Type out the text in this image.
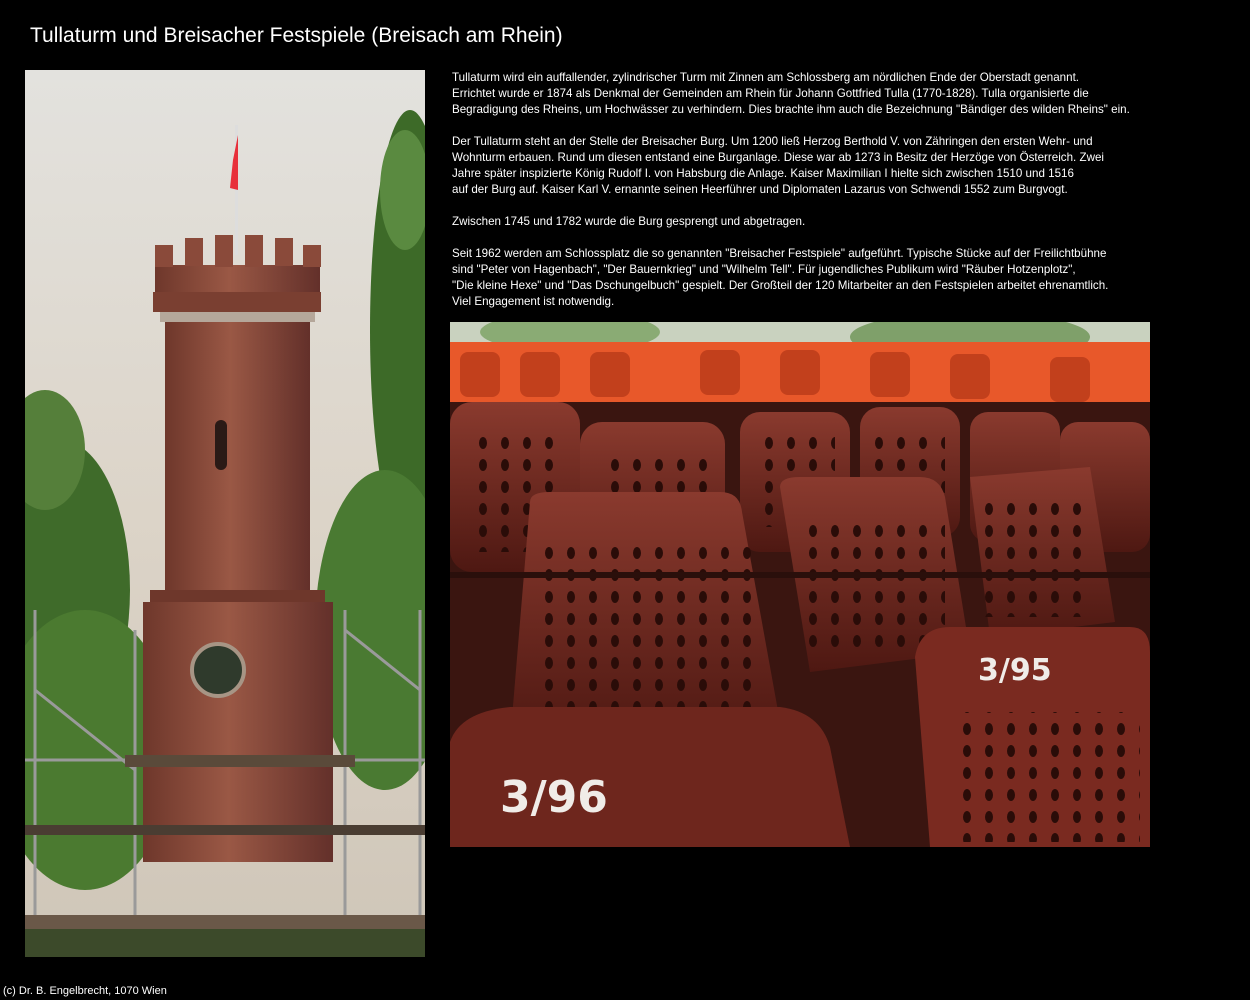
Tullaturm und Breisacher Festspiele (Breisach am Rhein)

Tullaturm wird ein auffallender, zylindrischer Turm mit Zinnen am Schlossberg am nördlichen Ende der Oberstadt genannt.
Errichtet wurde er 1874 als Denkmal der Gemeinden am Rhein für Johann Gottfried Tulla (1770-1828). Tulla organisierte die
Begradigung des Rheins, um Hochwässer zu verhindern. Dies brachte ihm auch die Bezeichnung "Bändiger des wilden Rheins" ein.

Der Tullaturm steht an der Stelle der Breisacher Burg. Um 1200 ließ Herzog Berthold V. von Zähringen den ersten Wehr- und
Wohnturm erbauen. Rund um diesen entstand eine Burganlage. Diese war ab 1273 in Besitz der Herzöge von Österreich. Zwei
Jahre später inspizierte König Rudolf I. von Habsburg die Anlage. Kaiser Maximilian I hielte sich zwischen 1510 und 1516
auf der Burg auf. Kaiser Karl V. ernannte seinen Heerführer und Diplomaten Lazarus von Schwendi 1552 zum Burgvogt.

Zwischen 1745 und 1782 wurde die Burg gesprengt und abgetragen.

Seit 1962 werden am Schlossplatz die so genannten "Breisacher Festspiele" aufgeführt. Typische Stücke auf der Freilichtbühne
sind "Peter von Hagenbach", "Der Bauernkrieg" und "Wilhelm Tell". Für jugendliches Publikum wird "Räuber Hotzenplotz",
"Die kleine Hexe" und "Das Dschungelbuch" gespielt. Der Großteil der 120 Mitarbeiter an den Festspielen arbeitet ehrenamtlich.
Viel Engagement ist notwendig.

3/96
3/95
(c) Dr. B. Engelbrecht, 1070 Wien
